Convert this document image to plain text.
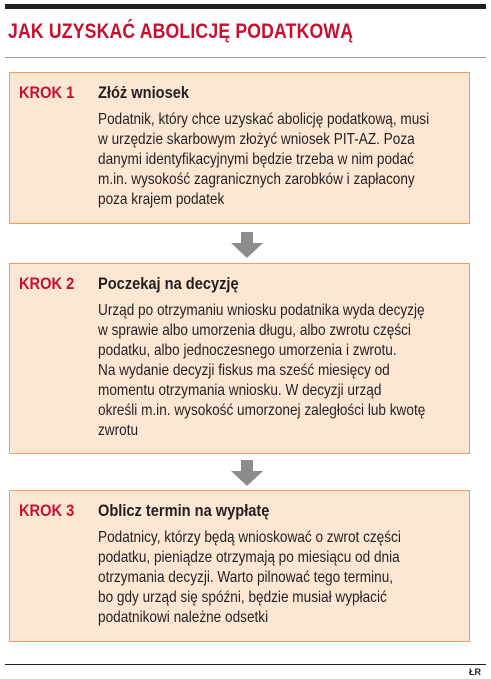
JAK UZYSKAĆ ABOLICJĘ PODATKOWĄ
KROK 1 Złóż wniosek
Podatnik, który chce uzyskać abolicję podatkową, musi
w urzędzie skarbowym złożyć wniosek PIT-AZ. Poza
danymi identyfikacyjnymi będzie trzeba w nim podać
m.in. wysokość zagranicznych zarobków i zapłacony
poza krajem podatek
KROK 2 Poczekaj na decyzję
Urząd po otrzymaniu wniosku podatnika wyda decyzję
w sprawie albo umorzenia długu, albo zwrotu części
podatku, albo jednoczesnego umorzenia i zwrotu.
Na wydanie decyzji fiskus ma sześć miesięcy od
momentu otrzymania wniosku. W decyzji urząd
określi m.in. wysokość umorzonej zaległości lub kwotę
zwrotu
KROK 3 Oblicz termin na wypłatę
Podatnicy, którzy będą wnioskować o zwrot części
podatku, pieniądze otrzymają po miesiącu od dnia
otrzymania decyzji. Warto pilnować tego terminu,
bo gdy urząd się spóźni, będzie musiał wypłacić
podatnikowi należne odsetki
ŁR
